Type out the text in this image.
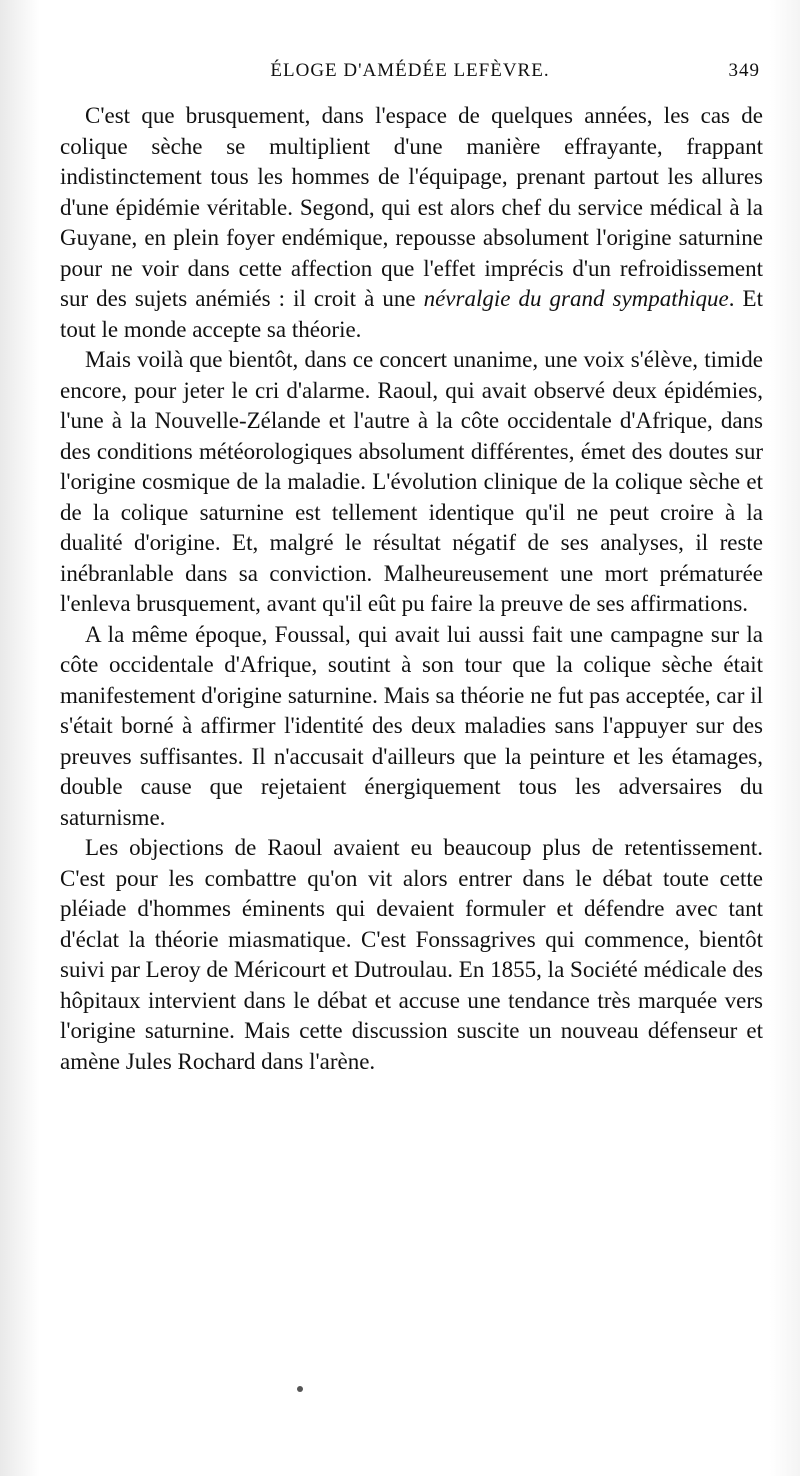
ÉLOGE D'AMÉDÉE LEFÈVRE.	349

C'est que brusquement, dans l'espace de quelques années, les cas de colique sèche se multiplient d'une manière effrayante, frappant indistinctement tous les hommes de l'équipage, prenant partout les allures d'une épidémie véritable. Segond, qui est alors chef du service médical à la Guyane, en plein foyer endémique, repousse absolument l'origine saturnine pour ne voir dans cette affection que l'effet imprécis d'un refroidissement sur des sujets anémiés : il croit à une névralgie du grand sympathique. Et tout le monde accepte sa théorie.

Mais voilà que bientôt, dans ce concert unanime, une voix s'élève, timide encore, pour jeter le cri d'alarme. Raoul, qui avait observé deux épidémies, l'une à la Nouvelle-Zélande et l'autre à la côte occidentale d'Afrique, dans des conditions météorologiques absolument différentes, émet des doutes sur l'origine cosmique de la maladie. L'évolution clinique de la colique sèche et de la colique saturnine est tellement identique qu'il ne peut croire à la dualité d'origine. Et, malgré le résultat négatif de ses analyses, il reste inébranlable dans sa conviction. Malheureusement une mort prématurée l'enleva brusquement, avant qu'il eût pu faire la preuve de ses affirmations.

A la même époque, Foussal, qui avait lui aussi fait une campagne sur la côte occidentale d'Afrique, soutint à son tour que la colique sèche était manifestement d'origine saturnine. Mais sa théorie ne fut pas acceptée, car il s'était borné à affirmer l'identité des deux maladies sans l'appuyer sur des preuves suffisantes. Il n'accusait d'ailleurs que la peinture et les étamages, double cause que rejetaient énergiquement tous les adversaires du saturnisme.

Les objections de Raoul avaient eu beaucoup plus de retentissement. C'est pour les combattre qu'on vit alors entrer dans le débat toute cette pléiade d'hommes éminents qui devaient formuler et défendre avec tant d'éclat la théorie miasmatique. C'est Fonssagrives qui commence, bientôt suivi par Leroy de Méricourt et Dutroulau. En 1855, la Société médicale des hôpitaux intervient dans le débat et accuse une tendance très marquée vers l'origine saturnine. Mais cette discussion suscite un nouveau défenseur et amène Jules Rochard dans l'arène.
